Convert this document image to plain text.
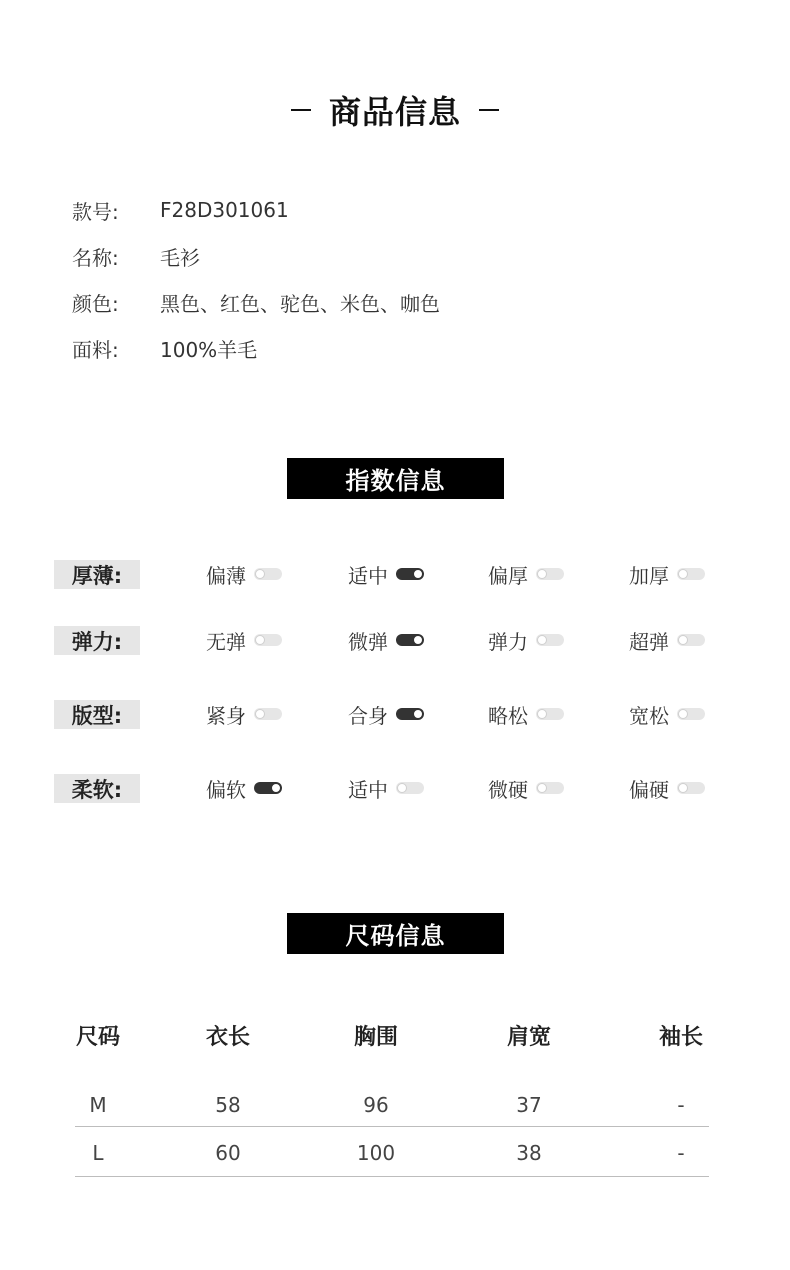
商品信息
款号:	F28D301061
名称:	毛衫
颜色:	黑色、红色、驼色、米色、咖色
面料:	100%羊毛
指数信息
厚薄:	偏薄	适中	偏厚	加厚
弹力:	无弹	微弹	弹力	超弹
版型:	紧身	合身	略松	宽松
柔软:	偏软	适中	微硬	偏硬
尺码信息
尺码	衣长	胸围	肩宽	袖长
M	58	96	37	-
L	60	100	38	-
